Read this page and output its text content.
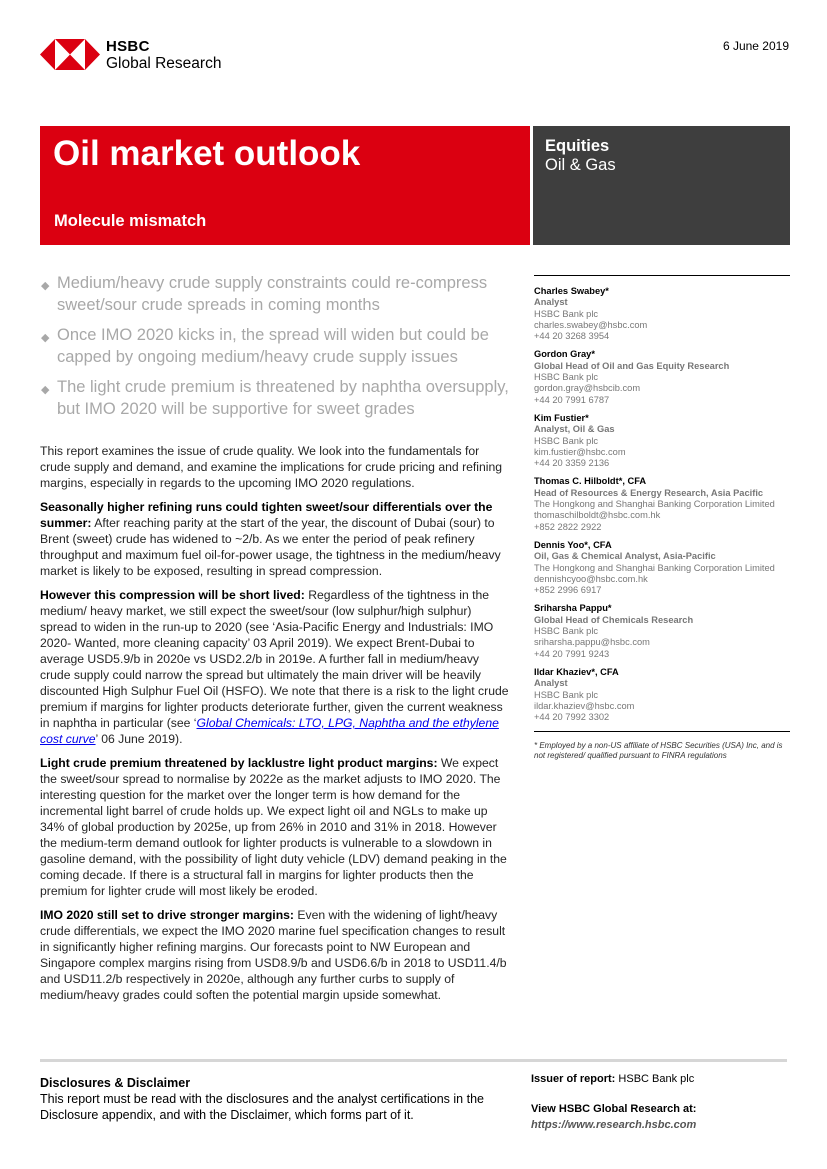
HSBC
Global Research
6 June 2019
Oil market outlook
Molecule mismatch
Equities
Oil & Gas
◆ Medium/heavy crude supply constraints could re-compress sweet/sour crude spreads in coming months
◆ Once IMO 2020 kicks in, the spread will widen but could be capped by ongoing medium/heavy crude supply issues
◆ The light crude premium is threatened by naphtha oversupply, but IMO 2020 will be supportive for sweet grades

This report examines the issue of crude quality. We look into the fundamentals for crude supply and demand, and examine the implications for crude pricing and refining margins, especially in regards to the upcoming IMO 2020 regulations.

Seasonally higher refining runs could tighten sweet/sour differentials over the summer: After reaching parity at the start of the year, the discount of Dubai (sour) to Brent (sweet) crude has widened to ~2/b. As we enter the period of peak refinery throughput and maximum fuel oil-for-power usage, the tightness in the medium/heavy market is likely to be exposed, resulting in spread compression.

However this compression will be short lived: Regardless of the tightness in the medium/ heavy market, we still expect the sweet/sour (low sulphur/high sulphur) spread to widen in the run-up to 2020 (see ‘Asia-Pacific Energy and Industrials: IMO 2020- Wanted, more cleaning capacity’ 03 April 2019). We expect Brent-Dubai to average USD5.9/b in 2020e vs USD2.2/b in 2019e. A further fall in medium/heavy crude supply could narrow the spread but ultimately the main driver will be heavily discounted High Sulphur Fuel Oil (HSFO). We note that there is a risk to the light crude premium if margins for lighter products deteriorate further, given the current weakness in naphtha in particular (see ‘Global Chemicals: LTO, LPG, Naphtha and the ethylene cost curve’ 06 June 2019).

Light crude premium threatened by lacklustre light product margins: We expect the sweet/sour spread to normalise by 2022e as the market adjusts to IMO 2020. The interesting question for the market over the longer term is how demand for the incremental light barrel of crude holds up. We expect light oil and NGLs to make up 34% of global production by 2025e, up from 26% in 2010 and 31% in 2018. However the medium-term demand outlook for lighter products is vulnerable to a slowdown in gasoline demand, with the possibility of light duty vehicle (LDV) demand peaking in the coming decade. If there is a structural fall in margins for lighter products then the premium for lighter crude will most likely be eroded.

IMO 2020 still set to drive stronger margins: Even with the widening of light/heavy crude differentials, we expect the IMO 2020 marine fuel specification changes to result in significantly higher refining margins. Our forecasts point to NW European and Singapore complex margins rising from USD8.9/b and USD6.6/b in 2018 to USD11.4/b and USD11.2/b respectively in 2020e, although any further curbs to supply of medium/heavy grades could soften the potential margin upside somewhat.

Charles Swabey*
Analyst
HSBC Bank plc
charles.swabey@hsbc.com
+44 20 3268 3954
Gordon Gray*
Global Head of Oil and Gas Equity Research
HSBC Bank plc
gordon.gray@hsbcib.com
+44 20 7991 6787
Kim Fustier*
Analyst, Oil & Gas
HSBC Bank plc
kim.fustier@hsbc.com
+44 20 3359 2136
Thomas C. Hilboldt*, CFA
Head of Resources & Energy Research, Asia Pacific
The Hongkong and Shanghai Banking Corporation Limited
thomaschilboldt@hsbc.com.hk
+852 2822 2922
Dennis Yoo*, CFA
Oil, Gas & Chemical Analyst, Asia-Pacific
The Hongkong and Shanghai Banking Corporation Limited
dennishcyoo@hsbc.com.hk
+852 2996 6917
Sriharsha Pappu*
Global Head of Chemicals Research
HSBC Bank plc
sriharsha.pappu@hsbc.com
+44 20 7991 9243
Ildar Khaziev*, CFA
Analyst
HSBC Bank plc
ildar.khaziev@hsbc.com
+44 20 7992 3302
* Employed by a non-US affiliate of HSBC Securities (USA) Inc, and is not registered/ qualified pursuant to FINRA regulations
Disclosures & Disclaimer
This report must be read with the disclosures and the analyst certifications in the Disclosure appendix, and with the Disclaimer, which forms part of it.
Issuer of report: HSBC Bank plc
View HSBC Global Research at:
https://www.research.hsbc.com
